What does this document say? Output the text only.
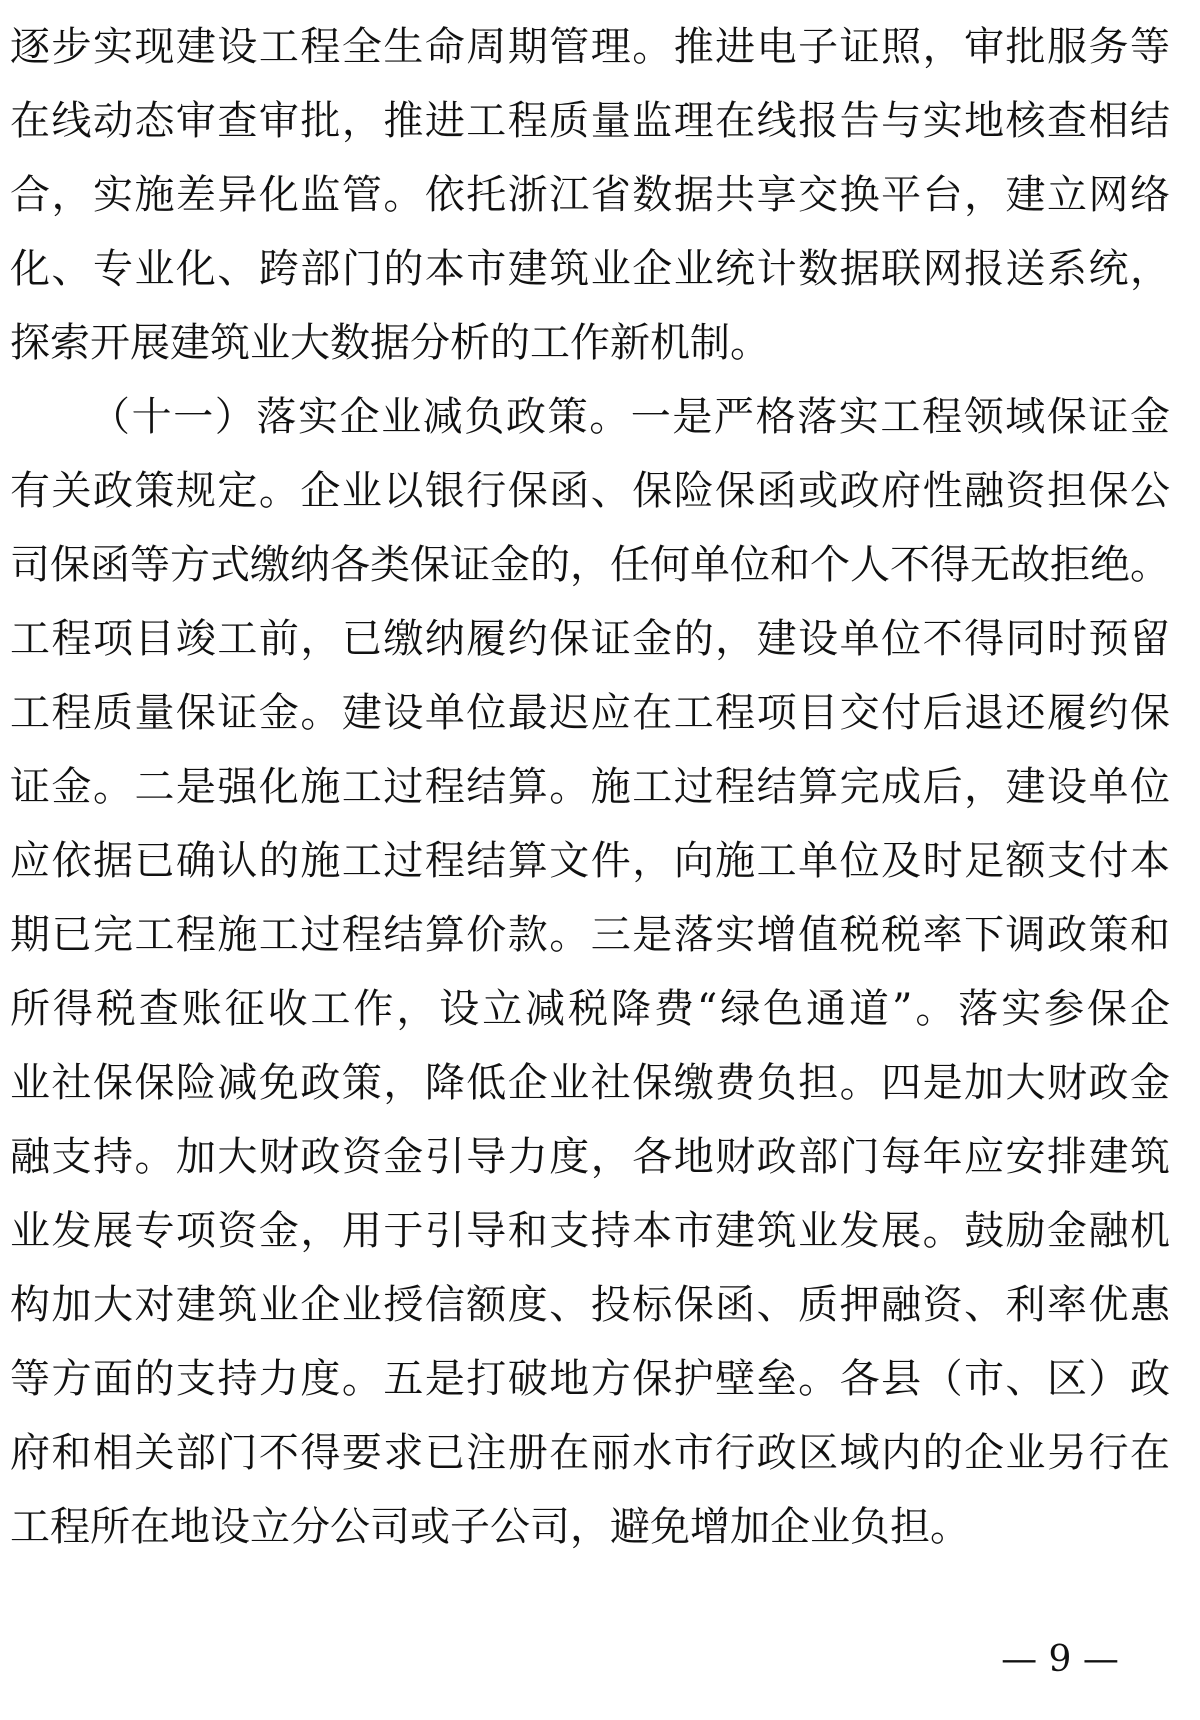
逐步实现建设工程全生命周期管理。推进电子证照，审批服务等
在线动态审查审批，推进工程质量监理在线报告与实地核查相结
合，实施差异化监管。依托浙江省数据共享交换平台，建立网络
化、专业化、跨部门的本市建筑业企业统计数据联网报送系统，
探索开展建筑业大数据分析的工作新机制。
（十一）落实企业减负政策。一是严格落实工程领域保证金
有关政策规定。企业以银行保函、保险保函或政府性融资担保公
司保函等方式缴纳各类保证金的，任何单位和个人不得无故拒绝。
工程项目竣工前，已缴纳履约保证金的，建设单位不得同时预留
工程质量保证金。建设单位最迟应在工程项目交付后退还履约保
证金。二是强化施工过程结算。施工过程结算完成后，建设单位
应依据已确认的施工过程结算文件，向施工单位及时足额支付本
期已完工程施工过程结算价款。三是落实增值税税率下调政策和
所得税查账征收工作，设立减税降费“绿色通道”。落实参保企
业社保保险减免政策，降低企业社保缴费负担。四是加大财政金
融支持。加大财政资金引导力度，各地财政部门每年应安排建筑
业发展专项资金，用于引导和支持本市建筑业发展。鼓励金融机
构加大对建筑业企业授信额度、投标保函、质押融资、利率优惠
等方面的支持力度。五是打破地方保护壁垒。各县（市、区）政
府和相关部门不得要求已注册在丽水市行政区域内的企业另行在
工程所在地设立分公司或子公司，避免增加企业负担。
— 9 —
